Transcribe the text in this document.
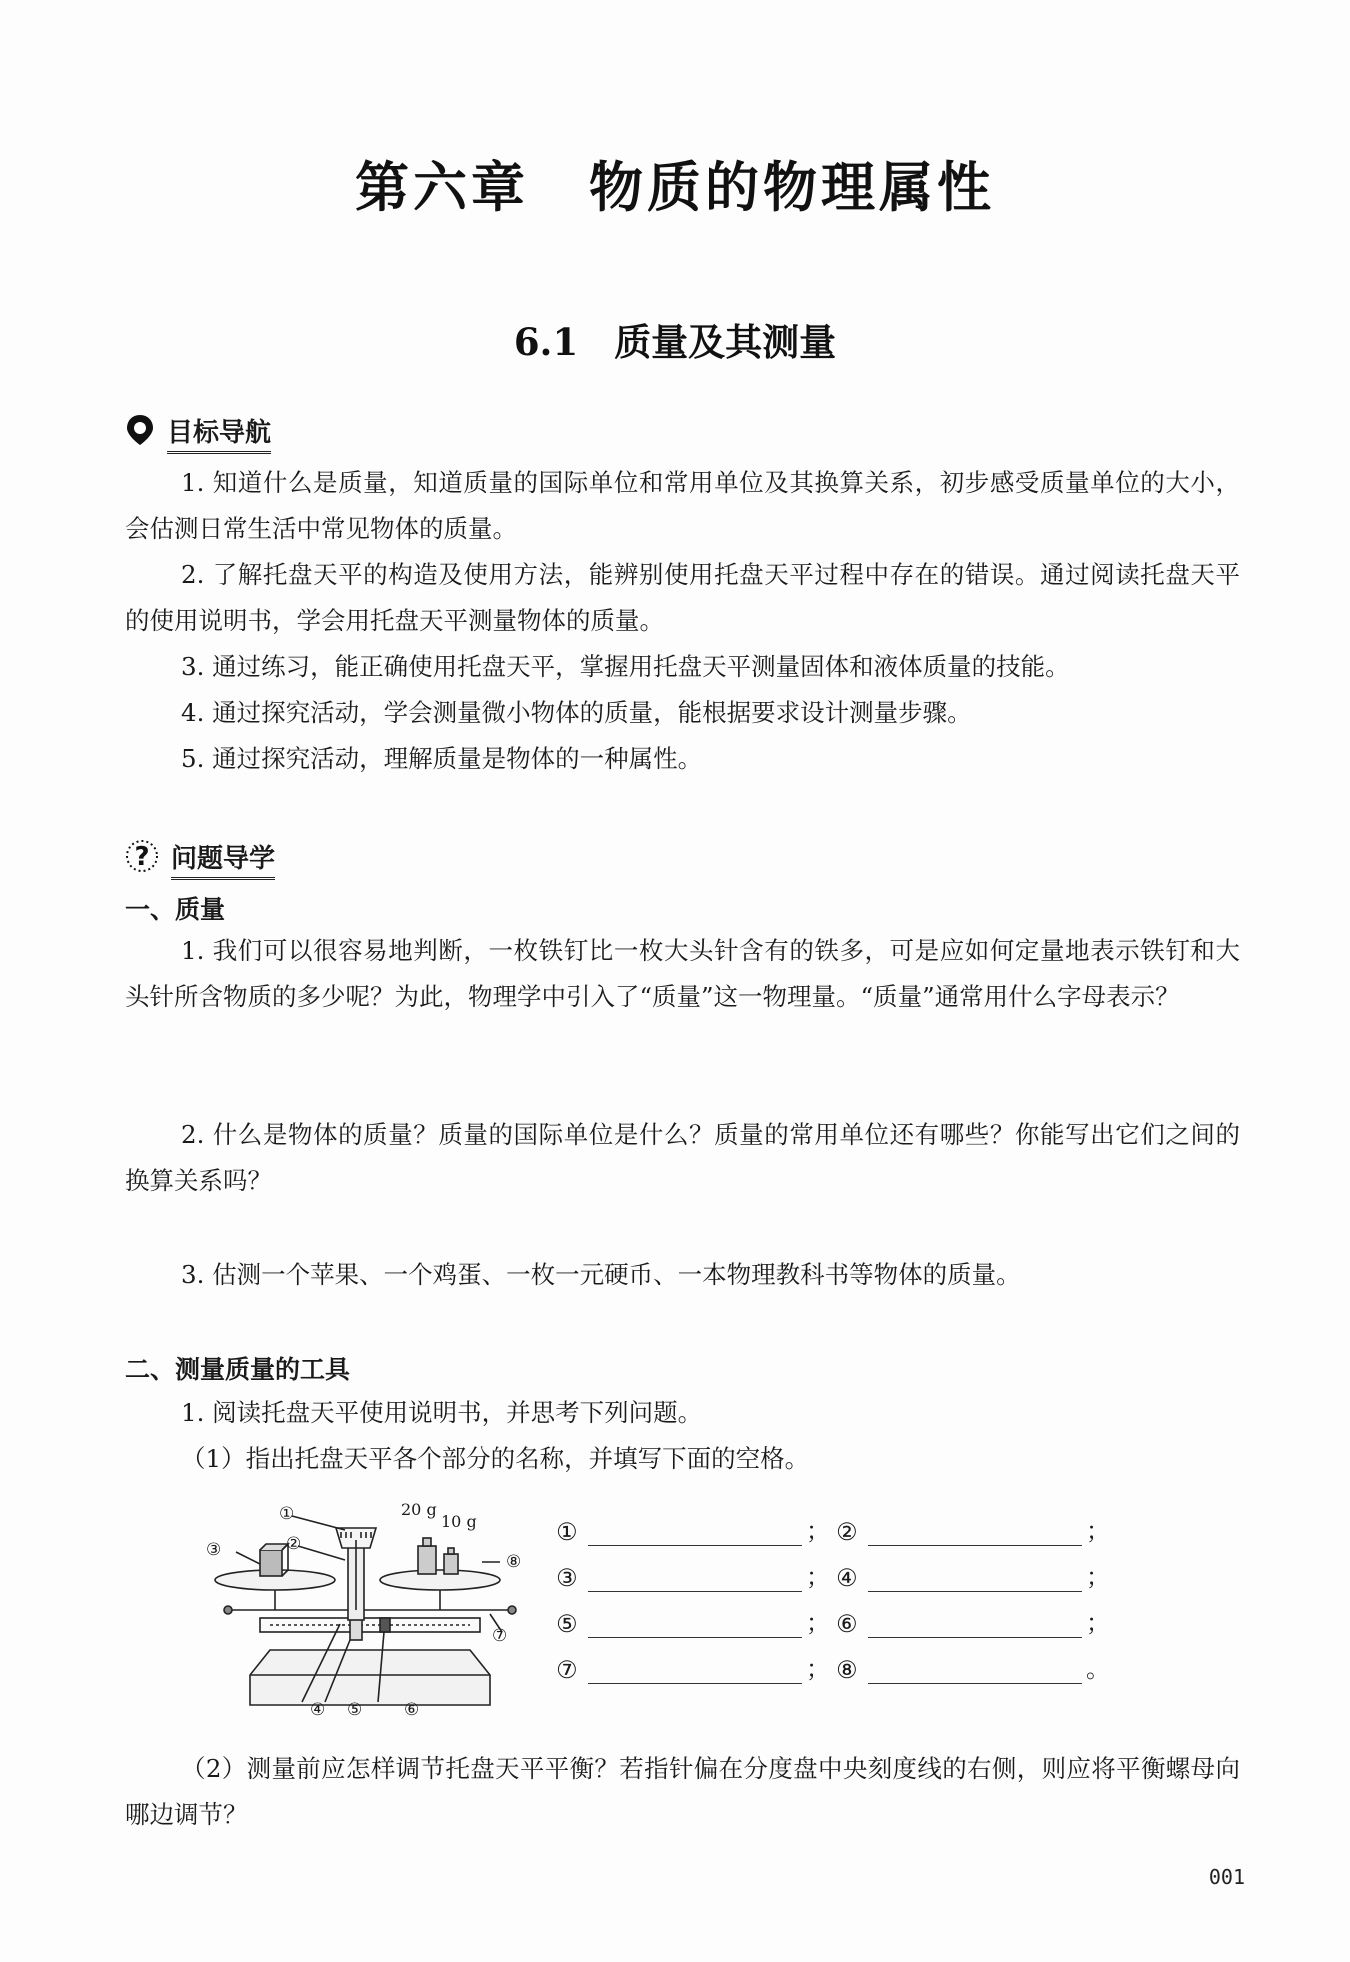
第六章 物质的物理属性
6.1 质量及其测量
目标导航
1. 知道什么是质量，知道质量的国际单位和常用单位及其换算关系，初步感受质量单位的大小，会估测日常生活中常见物体的质量。
2. 了解托盘天平的构造及使用方法，能辨别使用托盘天平过程中存在的错误。通过阅读托盘天平的使用说明书，学会用托盘天平测量物体的质量。
3. 通过练习，能正确使用托盘天平，掌握用托盘天平测量固体和液体质量的技能。
4. 通过探究活动，学会测量微小物体的质量，能根据要求设计测量步骤。
5. 通过探究活动，理解质量是物体的一种属性。
? 问题导学
一、质量
1. 我们可以很容易地判断，一枚铁钉比一枚大头针含有的铁多，可是应如何定量地表示铁钉和大头针所含物质的多少呢？为此，物理学中引入了“质量”这一物理量。“质量”通常用什么字母表示？
2. 什么是物体的质量？质量的国际单位是什么？质量的常用单位还有哪些？你能写出它们之间的换算关系吗？
3. 估测一个苹果、一个鸡蛋、一枚一元硬币、一本物理教科书等物体的质量。
二、测量质量的工具
1. 阅读托盘天平使用说明书，并思考下列问题。
（1）指出托盘天平各个部分的名称，并填写下面的空格。
20 g
10 g
①
②
③
④ ⑤ ⑥
⑦
⑧
①	； ②	；
③	； ④	；
⑤	； ⑥	；
⑦	； ⑧	。
（2）测量前应怎样调节托盘天平平衡？若指针偏在分度盘中央刻度线的右侧，则应将平衡螺母向哪边调节？
001
